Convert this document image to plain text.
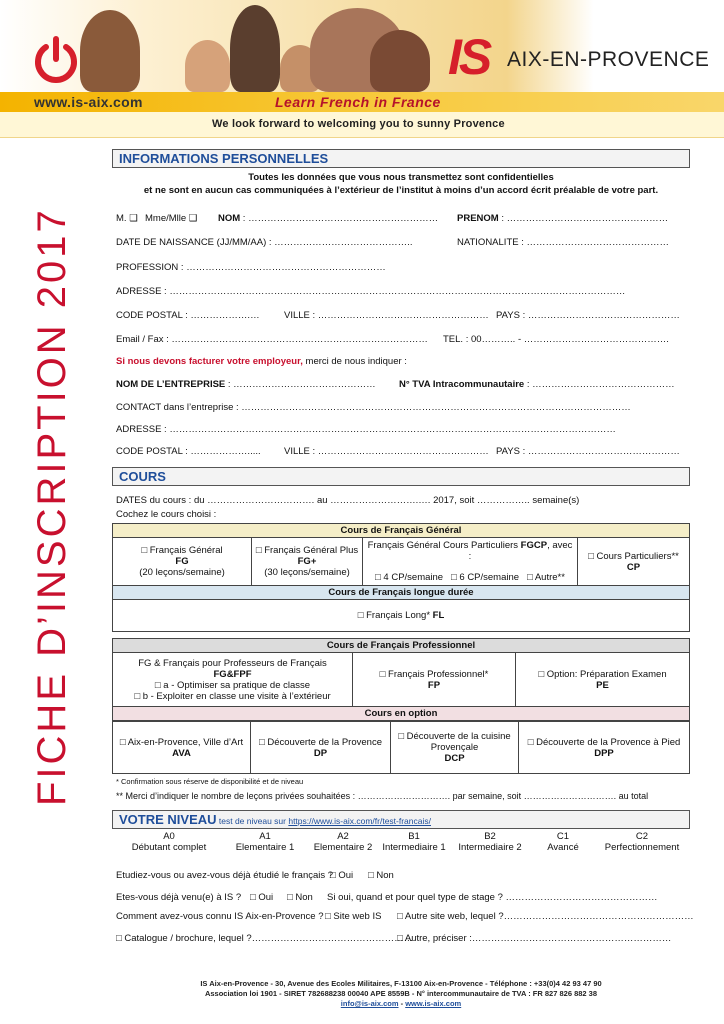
IS AIX-EN-PROVENCE
www.is-aix.com	Learn French in France
We look forward to welcoming you to sunny Provence
FICHE D’INSCRIPTION 2017
INFORMATIONS PERSONNELLES
Toutes les données que vous nous transmettez sont confidentielles
et ne sont en aucun cas communiquées à l’extérieur de l’institut à moins d’un accord écrit préalable de votre part.
M. ❑ Mme/Mlle ❑ NOM : …………………………………………………… PRENOM : ……………………………………………
DATE DE NAISSANCE (JJ/MM/AA) : ……………………………………..	NATIONALITE : ………………………………………
PROFESSION : ………………………………………………………
ADRESSE : ………………………………………………………………………………………………………………………………
CODE POSTAL : ……………….…	VILLE : ……………………………………………… PAYS : …………………………………………
Email / Fax : ……………………………………………………………………… TEL. : 00……….. - ……………………………………….
Si nous devons facturer votre employeur, merci de nous indiquer :
NOM DE L’ENTREPRISE : ……………………………………… N° TVA Intracommunautaire : ………………………………………
CONTACT dans l’entreprise : ……………………………………………………………………………………………………………
ADRESSE : ……………………………………………………………………………………………………………………………
CODE POSTAL : ………………..... VILLE : ……………………………………………… PAYS : …………………………………………
COURS
DATES du cours : du ……………………………. au ……………………….…. 2017, soit …………….. semaine(s)
Cochez le cours choisi :
Cours de Français Général

□ Français Général
FG
(20 leçons/semaine)

□ Français Général Plus
FG+
(30 leçons/semaine)

Français Général Cours Particuliers FGCP, avec :
□ 4 CP/semaine □ 6 CP/semaine □ Autre**

□ Cours Particuliers**
CP

Cours de Français longue durée
□ Français Long* FL
Cours de Français Professionnel

FG & Français pour Professeurs de Français
FG&FPF
□ a - Optimiser sa pratique de classe
□ b - Exploiter en classe une visite à l’extérieur

□ Français Professionnel*
FP

□ Option: Préparation Examen
PE

Cours en option
□ Aix-en-Provence, Ville d’Art
AVA

□ Découverte de la Provence
DP

□ Découverte de la cuisine
Provençale
DCP

□ Découverte de la Provence à Pied
DPP
* Confirmation sous réserve de disponibilité et de niveau
** Merci d’indiquer le nombre de leçons privées souhaitées : …………………………. par semaine, soit …………………………. au total
VOTRE NIVEAU test de niveau sur https://www.is-aix.com/fr/test-francais/
A0
Débutant complet
A1
Elementaire 1
A2
Elementaire 2
B1
Intermediaire 1
B2
Intermediaire 2
C1
Avancé
C2
Perfectionnement
Etudiez-vous ou avez-vous déjà étudié le français ?
□ Oui □ Non
Etes-vous déjà venu(e) à IS ? □ Oui □ Non Si oui, quand et pour quel type de stage ? …………………………………………
Comment avez-vous connu IS Aix-en-Provence ? □ Site web IS □ Autre site web, lequel ?……………………………………………………
□ Catalogue / brochure, lequel ?……………………………………………
□ Autre, préciser :………………………………………………………
IS Aix-en-Provence - 30, Avenue des Ecoles Militaires, F-13100 Aix-en-Provence - Téléphone : +33(0)4 42 93 47 90
Association loi 1901 - SIRET 782688238 00040 APE 8559B - N° intercommunautaire de TVA : FR 827 826 882 38
info@is-aix.com - www.is-aix.com
